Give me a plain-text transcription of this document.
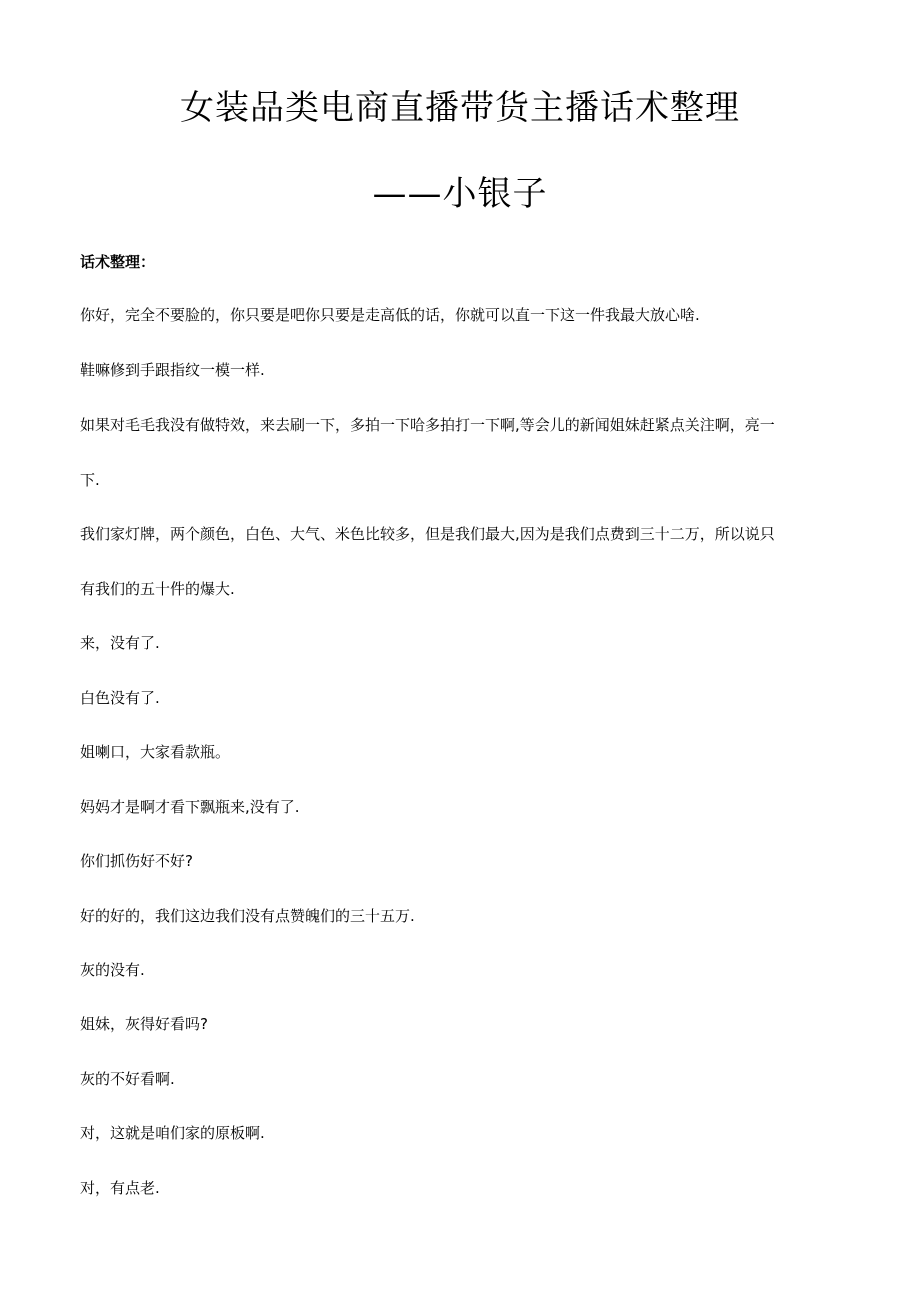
女装品类电商直播带货主播话术整理
——小银子
话术整理：
你好，完全不要脸的，你只要是吧你只要是走高低的话，你就可以直一下这一件我最大放心啥.
鞋嘛修到手跟指纹一模一样.
如果对毛毛我没有做特效，来去刷一下，多拍一下哈多拍打一下啊,等会儿的新闻姐妹赶紧点关注啊，亮一
下.
我们家灯牌，两个颜色，白色、大气、米色比较多，但是我们最大,因为是我们点费到三十二万，所以说只
有我们的五十件的爆大.
来，没有了.
白色没有了.
姐喇口，大家看款瓶。
妈妈才是啊才看下飘瓶来,没有了.
你们抓伤好不好?
好的好的，我们这边我们没有点赞魄们的三十五万.
灰的没有.
姐妹，灰得好看吗?
灰的不好看啊.
对，这就是咱们家的原板啊.
对，有点老.
